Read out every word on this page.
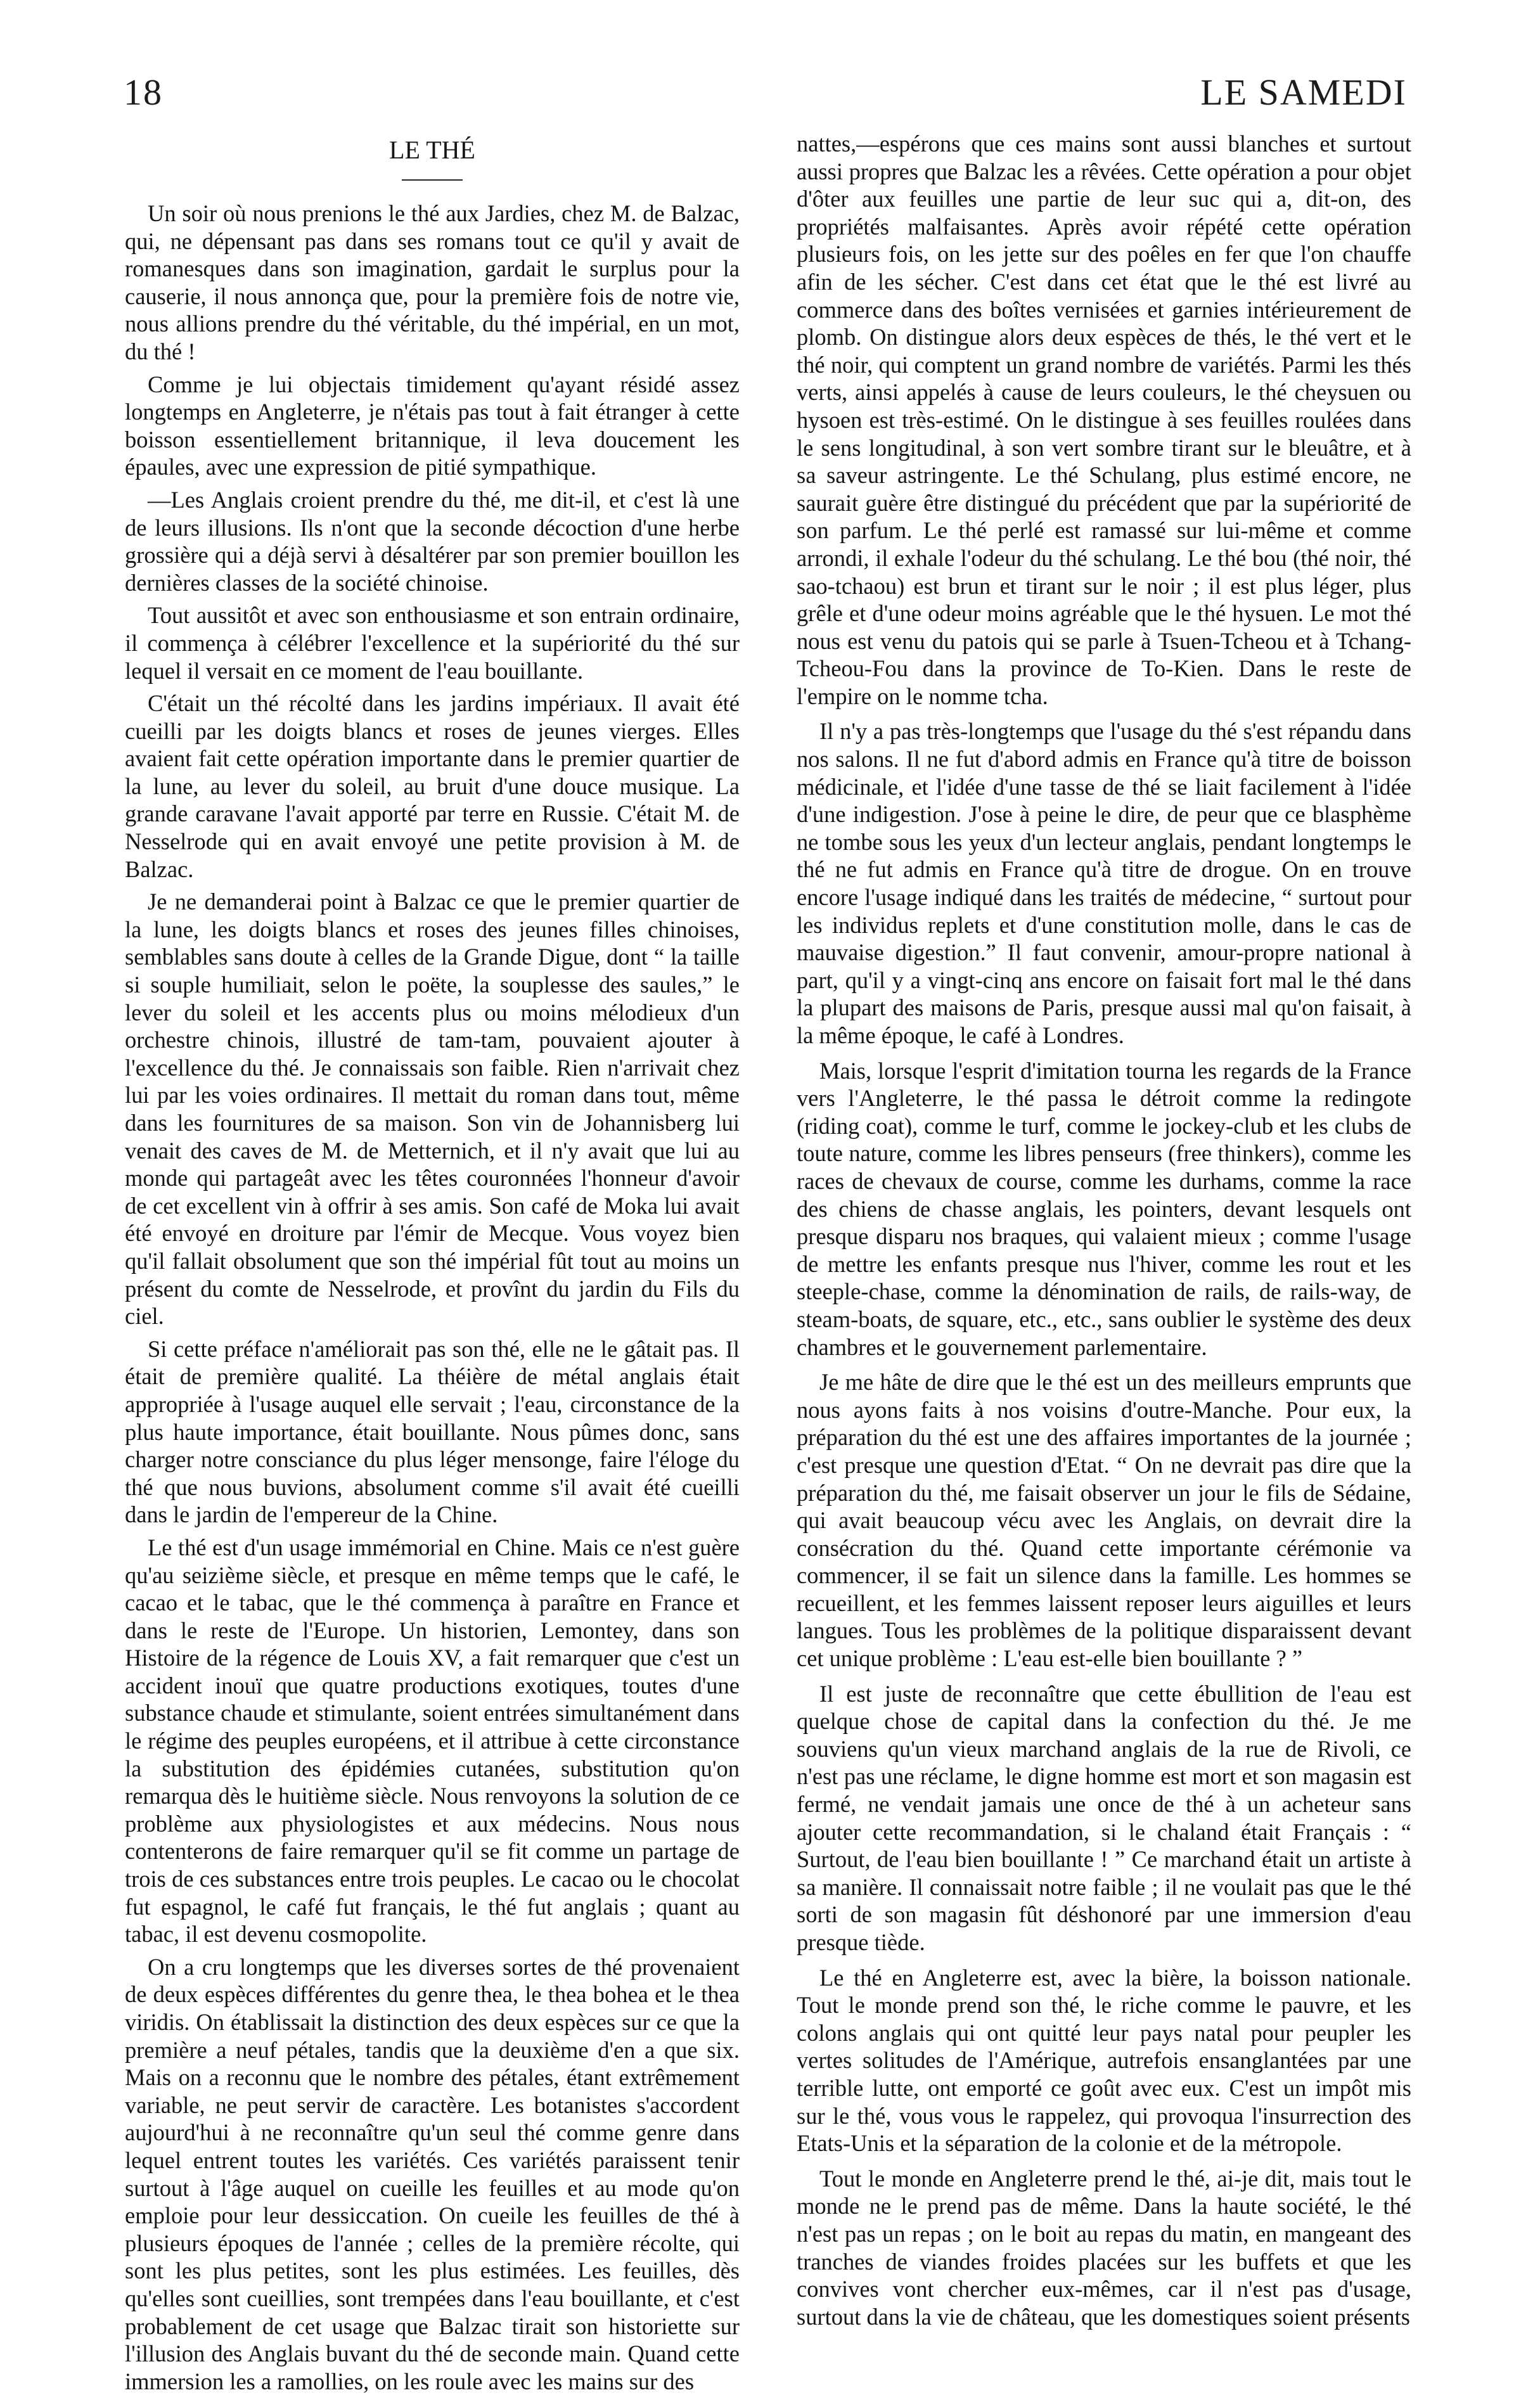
18	LE SAMEDI
LE THÉ

Un soir où nous prenions le thé aux Jardies, chez M. de Balzac, qui, ne dépensant pas dans ses romans tout ce qu'il y avait de romanesques dans son imagination, gardait le surplus pour la causerie, il nous annonça que, pour la première fois de notre vie, nous allions prendre du thé véritable, du thé impérial, en un mot, du thé !

Comme je lui objectais timidement qu'ayant résidé assez longtemps en Angleterre, je n'étais pas tout à fait étranger à cette boisson essentiellement britannique, il leva doucement les épaules, avec une expression de pitié sympathique.

—Les Anglais croient prendre du thé, me dit-il, et c'est là une de leurs illusions. Ils n'ont que la seconde décoction d'une herbe grossière qui a déjà servi à désaltérer par son premier bouillon les dernières classes de la société chinoise.

Tout aussitôt et avec son enthousiasme et son entrain ordinaire, il commença à célébrer l'excellence et la supériorité du thé sur lequel il versait en ce moment de l'eau bouillante.

C'était un thé récolté dans les jardins impériaux. Il avait été cueilli par les doigts blancs et roses de jeunes vierges. Elles avaient fait cette opération importante dans le premier quartier de la lune, au lever du soleil, au bruit d'une douce musique. La grande caravane l'avait apporté par terre en Russie. C'était M. de Nesselrode qui en avait envoyé une petite provision à M. de Balzac.

Je ne demanderai point à Balzac ce que le premier quartier de la lune, les doigts blancs et roses des jeunes filles chinoises, semblables sans doute à celles de la Grande Digue, dont “ la taille si souple humiliait, selon le poëte, la souplesse des saules,” le lever du soleil et les accents plus ou moins mélodieux d'un orchestre chinois, illustré de tam-tam, pouvaient ajouter à l'excellence du thé. Je connaissais son faible. Rien n'arrivait chez lui par les voies ordinaires. Il mettait du roman dans tout, même dans les fournitures de sa maison. Son vin de Johannisberg lui venait des caves de M. de Metternich, et il n'y avait que lui au monde qui partageât avec les têtes couronnées l'honneur d'avoir de cet excellent vin à offrir à ses amis. Son café de Moka lui avait été envoyé en droiture par l'émir de Mecque. Vous voyez bien qu'il fallait obsolument que son thé impérial fût tout au moins un présent du comte de Nesselrode, et provînt du jardin du Fils du ciel.

Si cette préface n'améliorait pas son thé, elle ne le gâtait pas. Il était de première qualité. La théière de métal anglais était appropriée à l'usage auquel elle servait ; l'eau, circonstance de la plus haute importance, était bouillante. Nous pûmes donc, sans charger notre consciance du plus léger mensonge, faire l'éloge du thé que nous buvions, absolument comme s'il avait été cueilli dans le jardin de l'empereur de la Chine.

Le thé est d'un usage immémorial en Chine. Mais ce n'est guère qu'au seizième siècle, et presque en même temps que le café, le cacao et le tabac, que le thé commença à paraître en France et dans le reste de l'Europe. Un historien, Lemontey, dans son Histoire de la régence de Louis XV, a fait remarquer que c'est un accident inouï que quatre productions exotiques, toutes d'une substance chaude et stimulante, soient entrées simultanément dans le régime des peuples européens, et il attribue à cette circonstance la substitution des épidémies cutanées, substitution qu'on remarqua dès le huitième siècle. Nous renvoyons la solution de ce problème aux physiologistes et aux médecins. Nous nous contenterons de faire remarquer qu'il se fit comme un partage de trois de ces substances entre trois peuples. Le cacao ou le chocolat fut espagnol, le café fut français, le thé fut anglais ; quant au tabac, il est devenu cosmopolite.

On a cru longtemps que les diverses sortes de thé provenaient de deux espèces différentes du genre thea, le thea bohea et le thea viridis. On établissait la distinction des deux espèces sur ce que la première a neuf pétales, tandis que la deuxième d'en a que six. Mais on a reconnu que le nombre des pétales, étant extrêmement variable, ne peut servir de caractère. Les botanistes s'accordent aujourd'hui à ne reconnaître qu'un seul thé comme genre dans lequel entrent toutes les variétés. Ces variétés paraissent tenir surtout à l'âge auquel on cueille les feuilles et au mode qu'on emploie pour leur dessiccation. On cueile les feuilles de thé à plusieurs époques de l'année ; celles de la première récolte, qui sont les plus petites, sont les plus estimées. Les feuilles, dès qu'elles sont cueillies, sont trempées dans l'eau bouillante, et c'est probablement de cet usage que Balzac tirait son historiette sur l'illusion des Anglais buvant du thé de seconde main. Quand cette immersion les a ramollies, on les roule avec les mains sur des

nattes,—espérons que ces mains sont aussi blanches et surtout aussi propres que Balzac les a rêvées. Cette opération a pour objet d'ôter aux feuilles une partie de leur suc qui a, dit-on, des propriétés malfaisantes. Après avoir répété cette opération plusieurs fois, on les jette sur des poêles en fer que l'on chauffe afin de les sécher. C'est dans cet état que le thé est livré au commerce dans des boîtes vernisées et garnies intérieurement de plomb. On distingue alors deux espèces de thés, le thé vert et le thé noir, qui comptent un grand nombre de variétés. Parmi les thés verts, ainsi appelés à cause de leurs couleurs, le thé cheysuen ou hysoen est très-estimé. On le distingue à ses feuilles roulées dans le sens longitudinal, à son vert sombre tirant sur le bleuâtre, et à sa saveur astringente. Le thé Schulang, plus estimé encore, ne saurait guère être distingué du précédent que par la supériorité de son parfum. Le thé perlé est ramassé sur lui-même et comme arrondi, il exhale l'odeur du thé schulang. Le thé bou (thé noir, thé sao-tchaou) est brun et tirant sur le noir ; il est plus léger, plus grêle et d'une odeur moins agréable que le thé hysuen. Le mot thé nous est venu du patois qui se parle à Tsuen-Tcheou et à Tchang-Tcheou-Fou dans la province de To-Kien. Dans le reste de l'empire on le nomme tcha.

Il n'y a pas très-longtemps que l'usage du thé s'est répandu dans nos salons. Il ne fut d'abord admis en France qu'à titre de boisson médicinale, et l'idée d'une tasse de thé se liait facilement à l'idée d'une indigestion. J'ose à peine le dire, de peur que ce blasphème ne tombe sous les yeux d'un lecteur anglais, pendant longtemps le thé ne fut admis en France qu'à titre de drogue. On en trouve encore l'usage indiqué dans les traités de médecine, “ surtout pour les individus replets et d'une constitution molle, dans le cas de mauvaise digestion.” Il faut convenir, amour-propre national à part, qu'il y a vingt-cinq ans encore on faisait fort mal le thé dans la plupart des maisons de Paris, presque aussi mal qu'on faisait, à la même époque, le café à Londres.

Mais, lorsque l'esprit d'imitation tourna les regards de la France vers l'Angleterre, le thé passa le détroit comme la redingote (riding coat), comme le turf, comme le jockey-club et les clubs de toute nature, comme les libres penseurs (free thinkers), comme les races de chevaux de course, comme les durhams, comme la race des chiens de chasse anglais, les pointers, devant lesquels ont presque disparu nos braques, qui valaient mieux ; comme l'usage de mettre les enfants presque nus l'hiver, comme les rout et les steeple-chase, comme la dénomination de rails, de rails-way, de steam-boats, de square, etc., etc., sans oublier le système des deux chambres et le gouvernement parlementaire.

Je me hâte de dire que le thé est un des meilleurs emprunts que nous ayons faits à nos voisins d'outre-Manche. Pour eux, la préparation du thé est une des affaires importantes de la journée ; c'est presque une question d'Etat. “ On ne devrait pas dire que la préparation du thé, me faisait observer un jour le fils de Sédaine, qui avait beaucoup vécu avec les Anglais, on devrait dire la consécration du thé. Quand cette importante cérémonie va commencer, il se fait un silence dans la famille. Les hommes se recueillent, et les femmes laissent reposer leurs aiguilles et leurs langues. Tous les problèmes de la politique disparaissent devant cet unique problème : L'eau est-elle bien bouillante ? ”

Il est juste de reconnaître que cette ébullition de l'eau est quelque chose de capital dans la confection du thé. Je me souviens qu'un vieux marchand anglais de la rue de Rivoli, ce n'est pas une réclame, le digne homme est mort et son magasin est fermé, ne vendait jamais une once de thé à un acheteur sans ajouter cette recommandation, si le chaland était Français : “ Surtout, de l'eau bien bouillante ! ” Ce marchand était un artiste à sa manière. Il connaissait notre faible ; il ne voulait pas que le thé sorti de son magasin fût déshonoré par une immersion d'eau presque tiède.

Le thé en Angleterre est, avec la bière, la boisson nationale. Tout le monde prend son thé, le riche comme le pauvre, et les colons anglais qui ont quitté leur pays natal pour peupler les vertes solitudes de l'Amérique, autrefois ensanglantées par une terrible lutte, ont emporté ce goût avec eux. C'est un impôt mis sur le thé, vous vous le rappelez, qui provoqua l'insurrection des Etats-Unis et la séparation de la colonie et de la métropole.

Tout le monde en Angleterre prend le thé, ai-je dit, mais tout le monde ne le prend pas de même. Dans la haute société, le thé n'est pas un repas ; on le boit au repas du matin, en mangeant des tranches de viandes froides placées sur les buffets et que les convives vont chercher eux-mêmes, car il n'est pas d'usage, surtout dans la vie de château, que les domestiques soient présents
